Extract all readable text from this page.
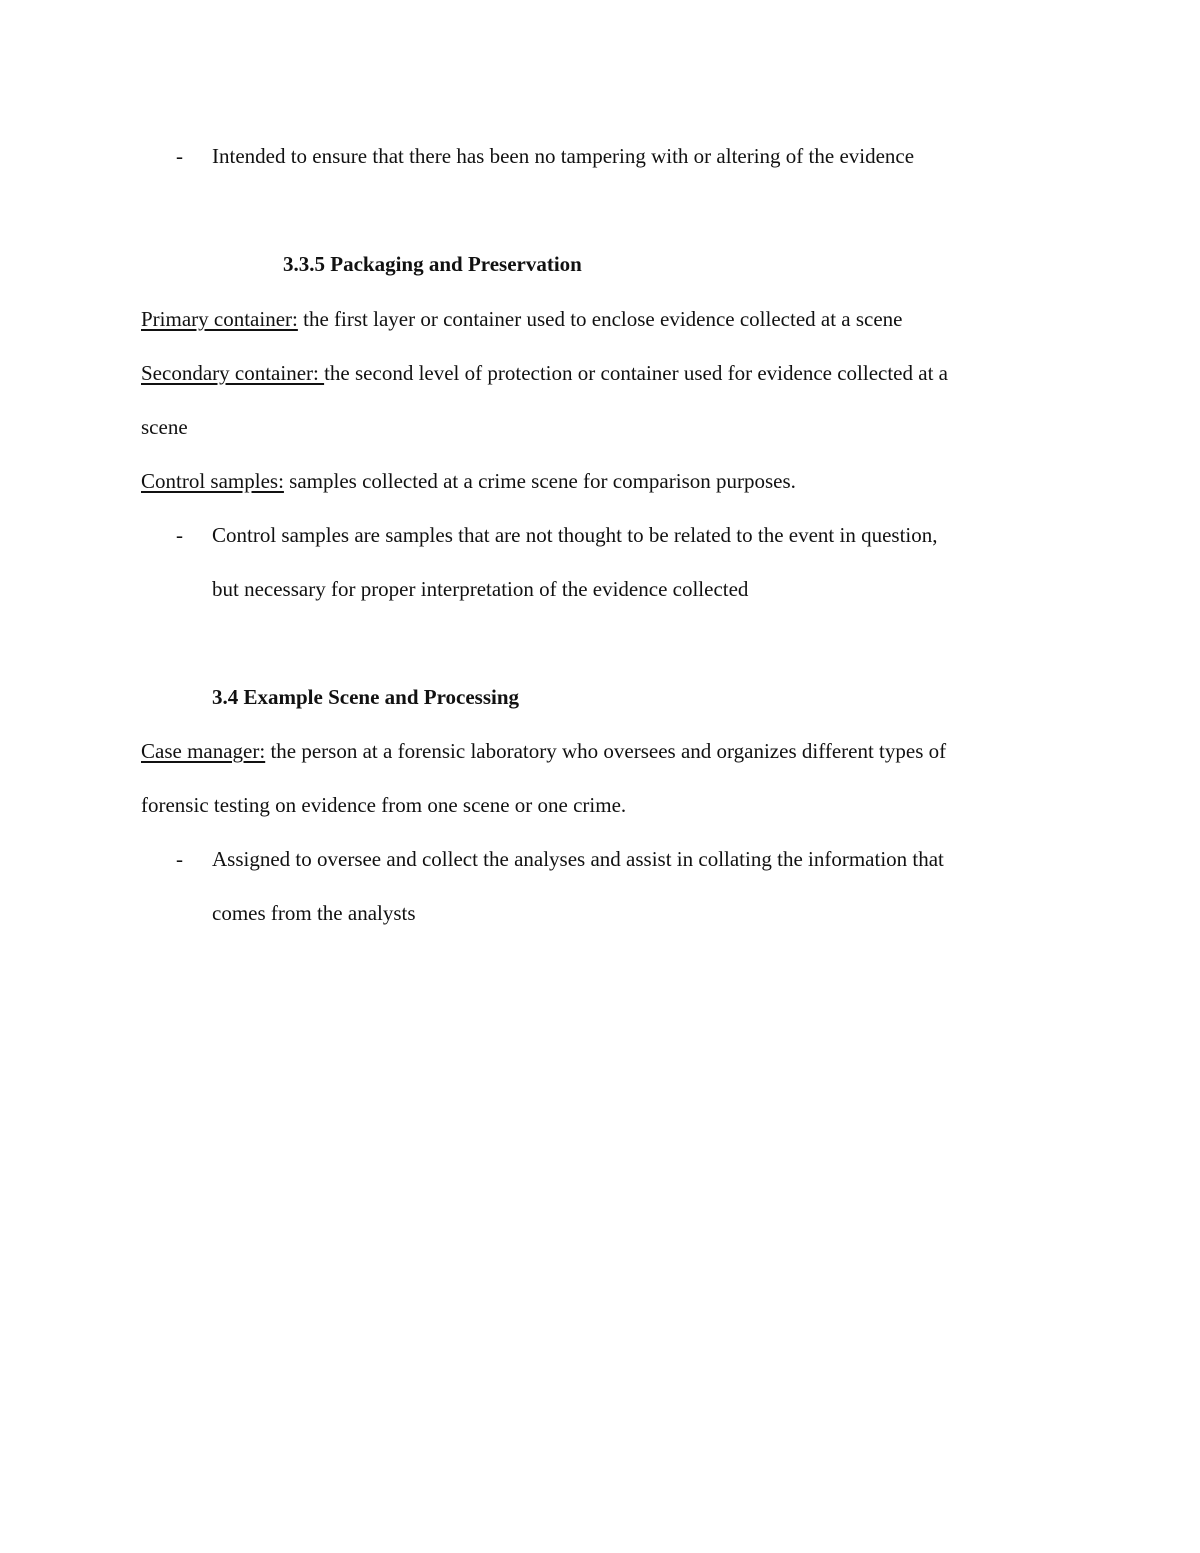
- Intended to ensure that there has been no tampering with or altering of the evidence
3.3.5 Packaging and Preservation
Primary container: the first layer or container used to enclose evidence collected at a scene
Secondary container: the second level of protection or container used for evidence collected at a
scene
Control samples: samples collected at a crime scene for comparison purposes.
- Control samples are samples that are not thought to be related to the event in question,
but necessary for proper interpretation of the evidence collected
3.4 Example Scene and Processing
Case manager: the person at a forensic laboratory who oversees and organizes different types of
forensic testing on evidence from one scene or one crime.
- Assigned to oversee and collect the analyses and assist in collating the information that
comes from the analysts
